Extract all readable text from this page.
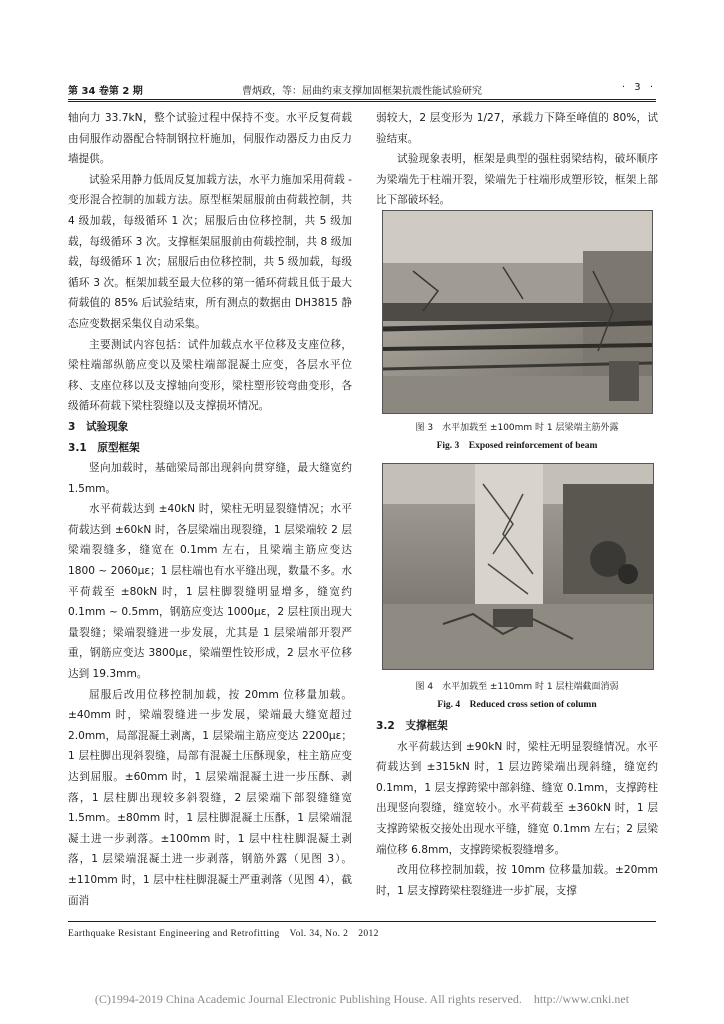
第 34 卷第 2 期	曹炳政，等：屈曲约束支撑加固框架抗震性能试验研究	· 3 ·

轴向力 33.7kN，整个试验过程中保持不变。水平反复荷载由伺服作动器配合特制钢拉杆施加，伺服作动器反力由反力墙提供。

试验采用静力低周反复加载方法，水平力施加采用荷载 - 变形混合控制的加载方法。原型框架屈服前由荷载控制，共 4 级加载，每级循环 1 次；屈服后由位移控制，共 5 级加载，每级循环 3 次。支撑框架屈服前由荷载控制，共 8 级加载，每级循环 1 次；屈服后由位移控制，共 5 级加载，每级循环 3 次。框架加载至最大位移的第一循环荷载且低于最大荷载值的 85% 后试验结束，所有测点的数据由 DH3815 静态应变数据采集仪自动采集。

主要测试内容包括：试件加载点水平位移及支座位移，梁柱端部纵筋应变以及梁柱端部混凝土应变，各层水平位移、支座位移以及支撑轴向变形，梁柱塑形铰弯曲变形，各级循环荷载下梁柱裂缝以及支撑损坏情况。

3　试验现象

3.1　原型框架

竖向加载时，基础梁局部出现斜向贯穿缝，最大缝宽约 1.5mm。

水平荷载达到 ±40kN 时，梁柱无明显裂缝情况；水平荷载达到 ±60kN 时，各层梁端出现裂缝，1 层梁端较 2 层梁端裂缝多，缝宽在 0.1mm 左右，且梁端主筋应变达 1800 ~ 2060με；1 层柱端也有水平缝出现，数量不多。水平荷载至 ±80kN 时，1 层柱脚裂缝明显增多，缝宽约 0.1mm ~ 0.5mm，钢筋应变达 1000με，2 层柱顶出现大量裂缝；梁端裂缝进一步发展，尤其是 1 层梁端部开裂严重，钢筋应变达 3800με，梁端塑性铰形成，2 层水平位移达到 19.3mm。

屈服后改用位移控制加载，按 20mm 位移量加载。±40mm 时，梁端裂缝进一步发展，梁端最大缝宽超过 2.0mm，局部混凝土剥离，1 层梁端主筋应变达 2200με；1 层柱脚出现斜裂缝，局部有混凝土压酥现象，柱主筋应变达到屈服。±60mm 时，1 层梁端混凝土进一步压酥、剥落，1 层柱脚出现较多斜裂缝，2 层梁端下部裂缝缝宽 1.5mm。±80mm 时，1 层柱脚混凝土压酥，1 层梁端混凝土进一步剥落。±100mm 时，1 层中柱柱脚混凝土剥落，1 层梁端混凝土进一步剥落，钢筋外露（见图 3）。±110mm 时，1 层中柱柱脚混凝土严重剥落（见图 4），截面消

弱较大，2 层变形为 1/27，承载力下降至峰值的 80%，试验结束。

试验现象表明，框架是典型的强柱弱梁结构，破坏顺序为梁端先于柱端开裂，梁端先于柱端形成塑形铰，框架上部比下部破坏轻。

图 3　水平加载至 ±100mm 时 1 层梁端主筋外露
Fig. 3　Exposed reinforcement of beam
图 4　水平加载至 ±110mm 时 1 层柱端截面消弱
Fig. 4　Reduced cross setion of column

3.2　支撑框架

水平荷载达到 ±90kN 时，梁柱无明显裂缝情况。水平荷载达到 ±315kN 时，1 层边跨梁端出现斜缝，缝宽约 0.1mm，1 层支撑跨梁中部斜缝、缝宽 0.1mm，支撑跨柱出现竖向裂缝，缝宽较小。水平荷载至 ±360kN 时，1 层支撑跨梁板交接处出现水平缝，缝宽 0.1mm 左右；2 层梁端位移 6.8mm，支撑跨梁板裂缝增多。

改用位移控制加载，按 10mm 位移量加载。±20mm 时，1 层支撑跨梁柱裂缝进一步扩展，支撑

Earthquake Resistant Engineering and Retrofitting　Vol. 34, No. 2　2012
(C)1994-2019 China Academic Journal Electronic Publishing House. All rights reserved.　http://www.cnki.net
